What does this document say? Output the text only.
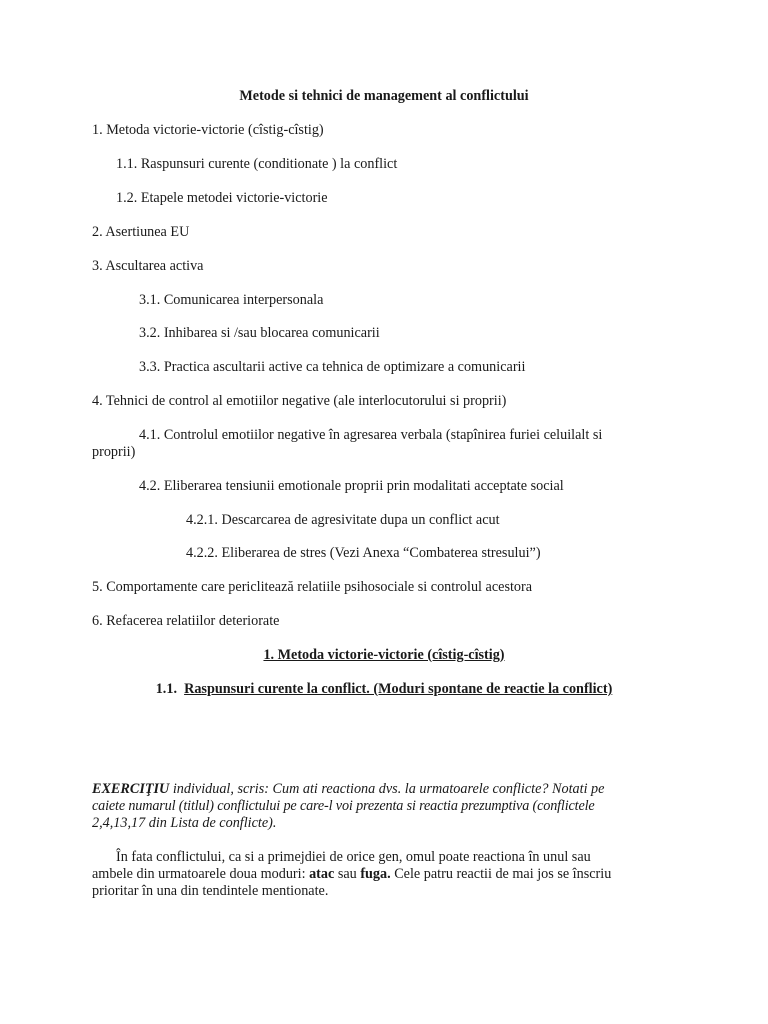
Metode si tehnici de management al conflictului

1. Metoda victorie-victorie (cîstig-cîstig)

1.1. Raspunsuri curente (conditionate ) la conflict

1.2. Etapele metodei victorie-victorie

2. Asertiunea EU

3. Ascultarea activa

3.1. Comunicarea interpersonala

3.2. Inhibarea si /sau blocarea comunicarii

3.3. Practica ascultarii active ca tehnica de optimizare a comunicarii

4. Tehnici de control al emotiilor negative (ale interlocutorului si proprii)

4.1. Controlul emotiilor negative în agresarea verbala (stapînirea furiei celuilalt si

proprii)

4.2. Eliberarea tensiunii emotionale proprii prin modalitati acceptate social

4.2.1. Descarcarea de agresivitate dupa un conflict acut

4.2.2. Eliberarea de stres (Vezi Anexa “Combaterea stresului”)

5. Comportamente care periclitează relatiile psihosociale si controlul acestora

6. Refacerea relatiilor deteriorate

1. Metoda victorie-victorie (cîstig-cîstig)

1.1. Raspunsuri curente la conflict. (Moduri spontane de reactie la conflict)

EXERCIŢIU individual, scris: Cum ati reactiona dvs. la urmatoarele conflicte? Notati pe

caiete numarul (titlul) conflictului pe care-l voi prezenta si reactia prezumptiva (conflictele

2,4,13,17 din Lista de conflicte).

În fata conflictului, ca si a primejdiei de orice gen, omul poate reactiona în unul sau

ambele din urmatoarele doua moduri: atac sau fuga. Cele patru reactii de mai jos se înscriu

prioritar în una din tendintele mentionate.
